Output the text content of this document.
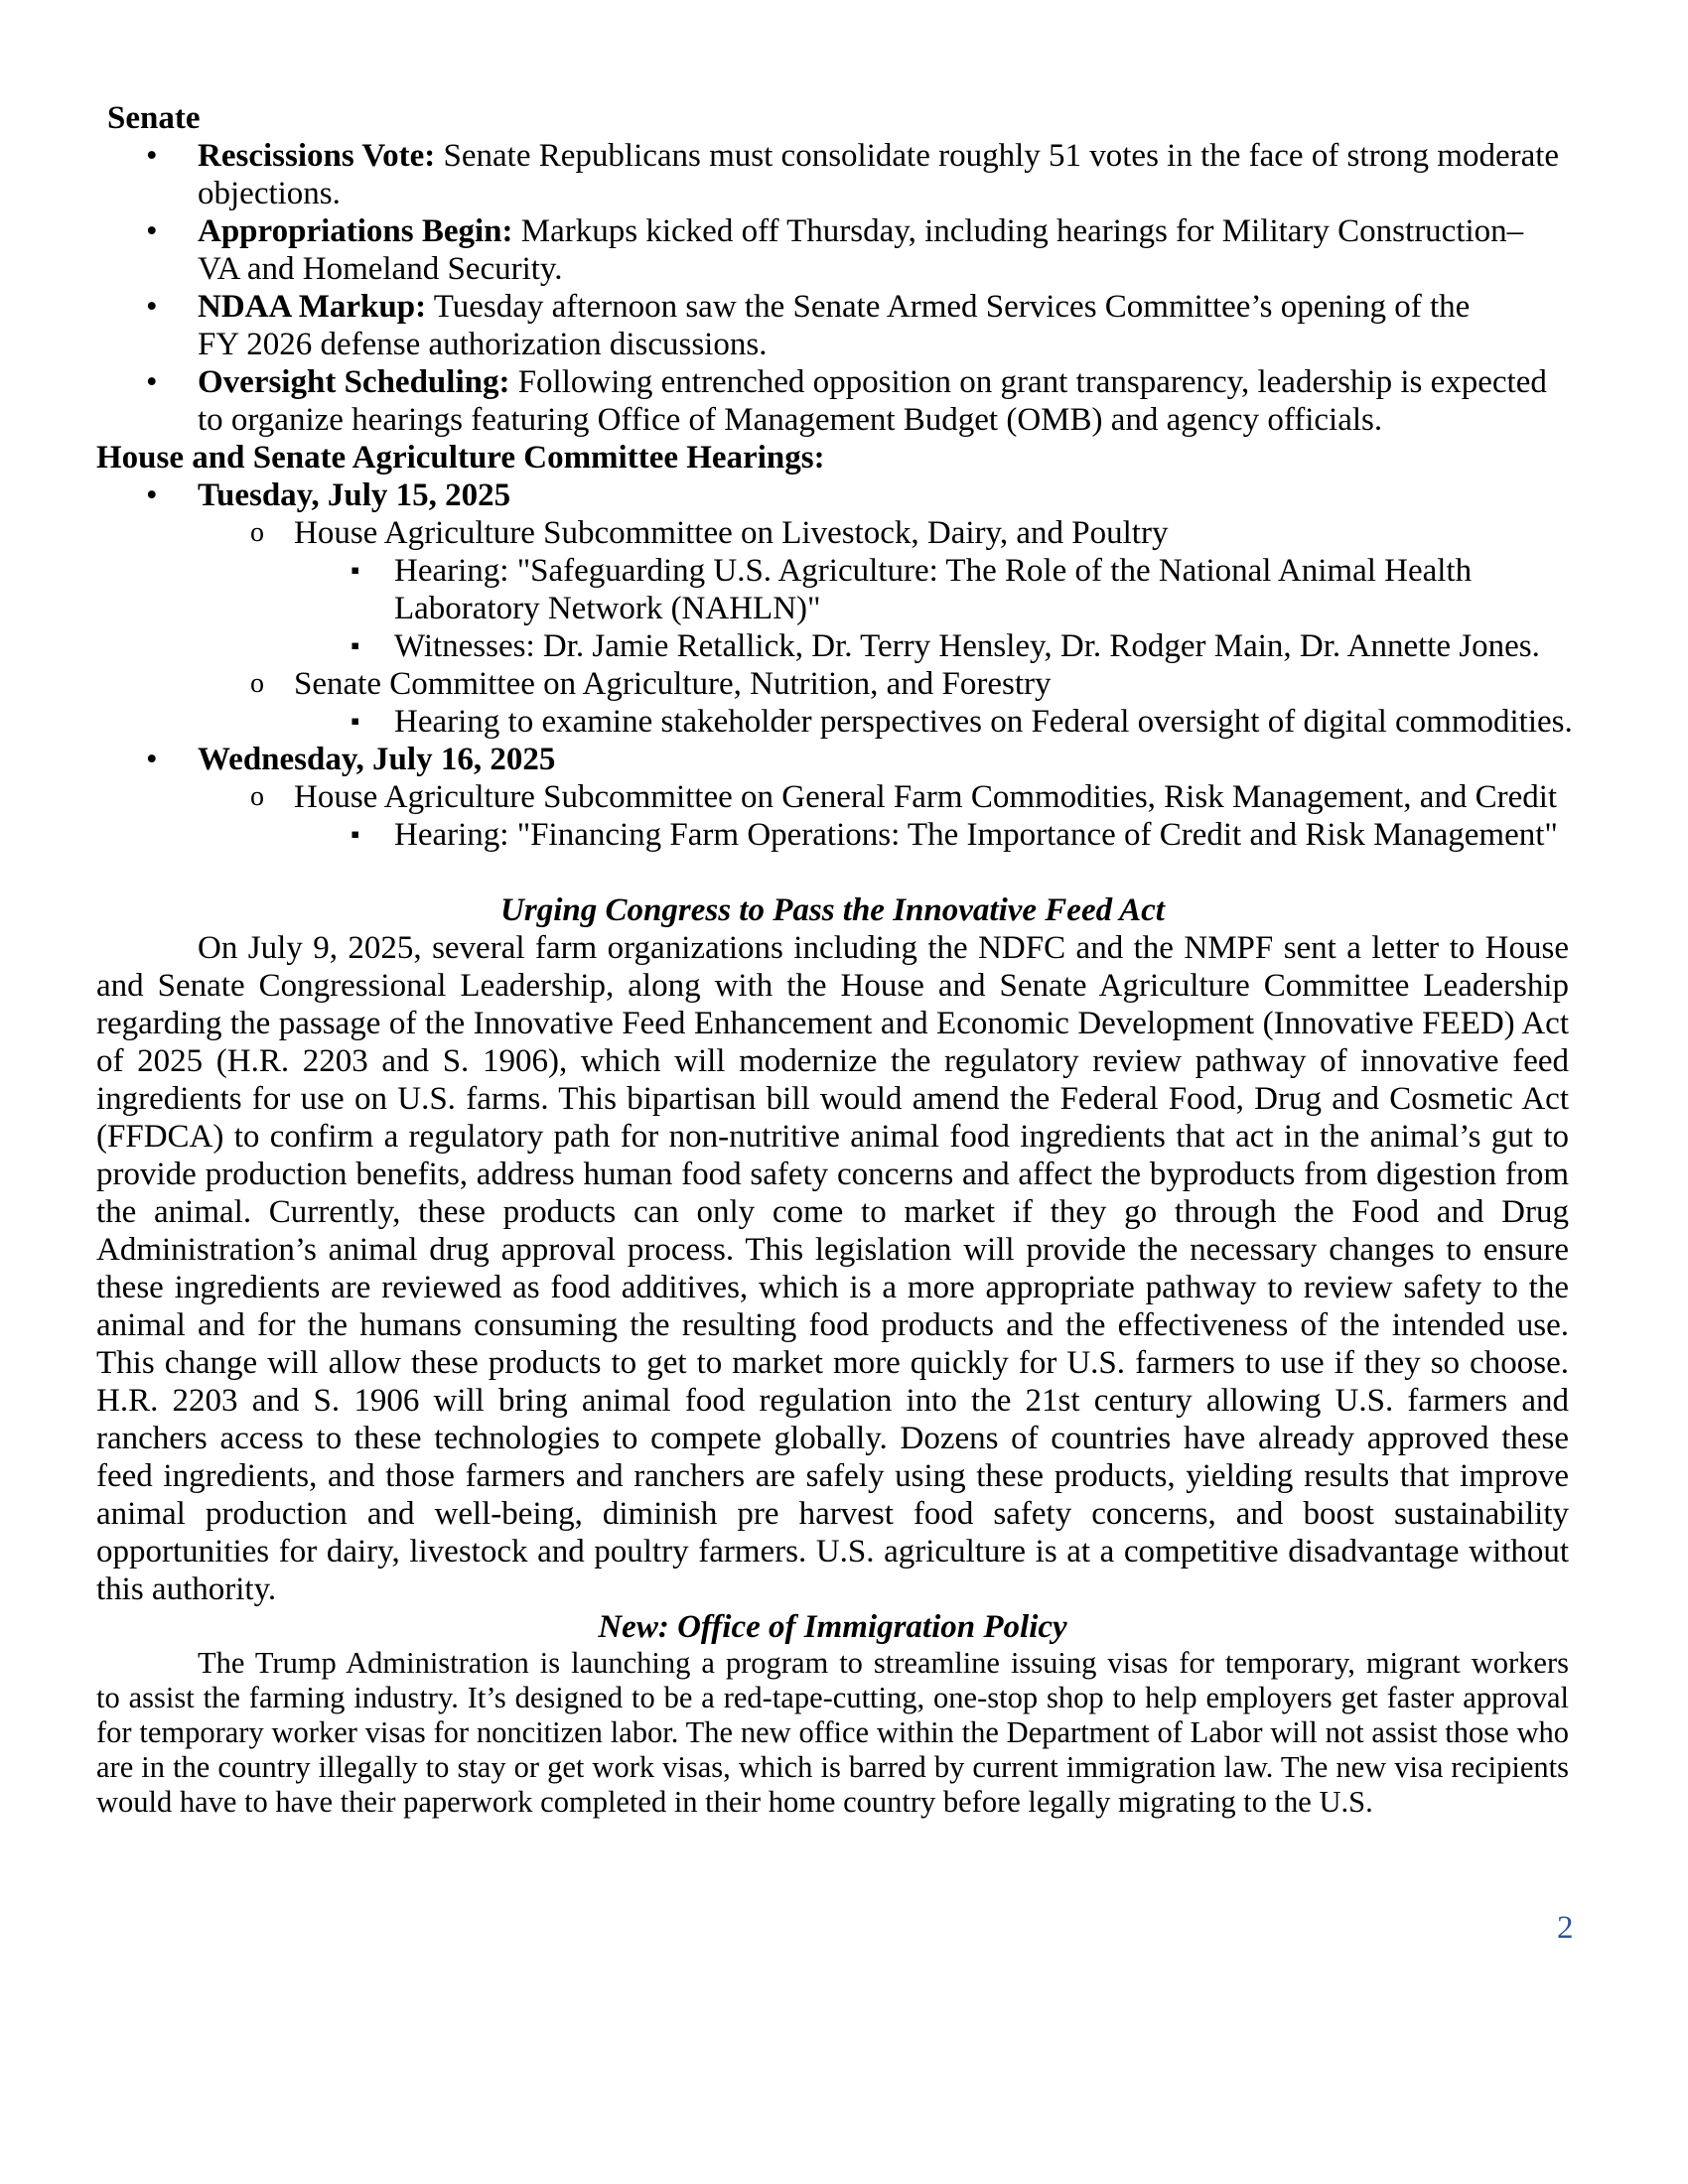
Senate
• Rescissions Vote: Senate Republicans must consolidate roughly 51 votes in the face of strong moderate
objections.
• Appropriations Begin: Markups kicked off Thursday, including hearings for Military Construction–
VA and Homeland Security.
• NDAA Markup: Tuesday afternoon saw the Senate Armed Services Committee’s opening of the
FY 2026 defense authorization discussions.
• Oversight Scheduling: Following entrenched opposition on grant transparency, leadership is expected
to organize hearings featuring Office of Management Budget (OMB) and agency officials.
House and Senate Agriculture Committee Hearings:
• Tuesday, July 15, 2025
o House Agriculture Subcommittee on Livestock, Dairy, and Poultry
▪ Hearing: "Safeguarding U.S. Agriculture: The Role of the National Animal Health
Laboratory Network (NAHLN)"
▪ Witnesses: Dr. Jamie Retallick, Dr. Terry Hensley, Dr. Rodger Main, Dr. Annette Jones.
o Senate Committee on Agriculture, Nutrition, and Forestry
▪ Hearing to examine stakeholder perspectives on Federal oversight of digital commodities.
• Wednesday, July 16, 2025
o House Agriculture Subcommittee on General Farm Commodities, Risk Management, and Credit
▪ Hearing: "Financing Farm Operations: The Importance of Credit and Risk Management"
Urging Congress to Pass the Innovative Feed Act
On July 9, 2025, several farm organizations including the NDFC and the NMPF sent a letter to House
and Senate Congressional Leadership, along with the House and Senate Agriculture Committee Leadership
regarding the passage of the Innovative Feed Enhancement and Economic Development (Innovative FEED) Act
of 2025 (H.R. 2203 and S. 1906), which will modernize the regulatory review pathway of innovative feed
ingredients for use on U.S. farms. This bipartisan bill would amend the Federal Food, Drug and Cosmetic Act
(FFDCA) to confirm a regulatory path for non-nutritive animal food ingredients that act in the animal’s gut to
provide production benefits, address human food safety concerns and affect the byproducts from digestion from
the animal. Currently, these products can only come to market if they go through the Food and Drug
Administration’s animal drug approval process. This legislation will provide the necessary changes to ensure
these ingredients are reviewed as food additives, which is a more appropriate pathway to review safety to the
animal and for the humans consuming the resulting food products and the effectiveness of the intended use.
This change will allow these products to get to market more quickly for U.S. farmers to use if they so choose.
H.R. 2203 and S. 1906 will bring animal food regulation into the 21st century allowing U.S. farmers and
ranchers access to these technologies to compete globally. Dozens of countries have already approved these
feed ingredients, and those farmers and ranchers are safely using these products, yielding results that improve
animal production and well-being, diminish pre harvest food safety concerns, and boost sustainability
opportunities for dairy, livestock and poultry farmers. U.S. agriculture is at a competitive disadvantage without
this authority.
New: Office of Immigration Policy
The Trump Administration is launching a program to streamline issuing visas for temporary, migrant workers
to assist the farming industry. It’s designed to be a red-tape-cutting, one-stop shop to help employers get faster approval
for temporary worker visas for noncitizen labor. The new office within the Department of Labor will not assist those who
are in the country illegally to stay or get work visas, which is barred by current immigration law. The new visa recipients
would have to have their paperwork completed in their home country before legally migrating to the U.S.
2
